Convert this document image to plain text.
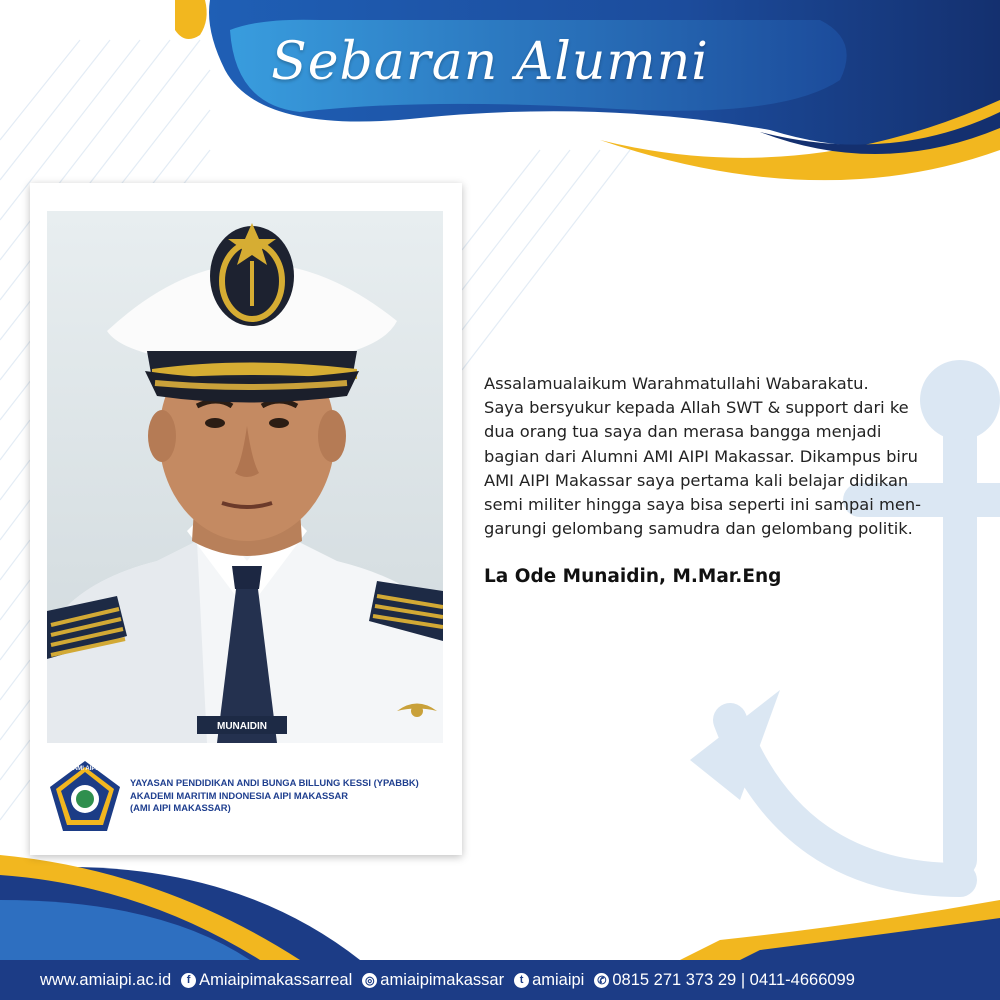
Sebaran Alumni
MUNAIDIN
AMI AIPI
YAYASAN PENDIDIKAN ANDI BUNGA BILLUNG KESSI (YPABBK)
AKADEMI MARITIM INDONESIA AIPI MAKASSAR
(AMI AIPI MAKASSAR)
Assalamualaikum Warahmatullahi Wabarakatu.
Saya bersyukur kepada Allah SWT & support dari ke
dua orang tua saya dan merasa bangga menjadi
bagian dari Alumni AMI AIPI Makassar. Dikampus biru
AMI AIPI Makassar saya pertama kali belajar didikan
semi militer hingga saya bisa seperti ini sampai men-
garungi gelombang samudra dan gelombang politik.
La Ode Munaidin, M.Mar.Eng
www.amiaipi.ac.id	f Amiaipimakassarreal ◎ amiaipimakassar	t amiaipi ✆ 0815 271 373 29 | 0411-4666099
